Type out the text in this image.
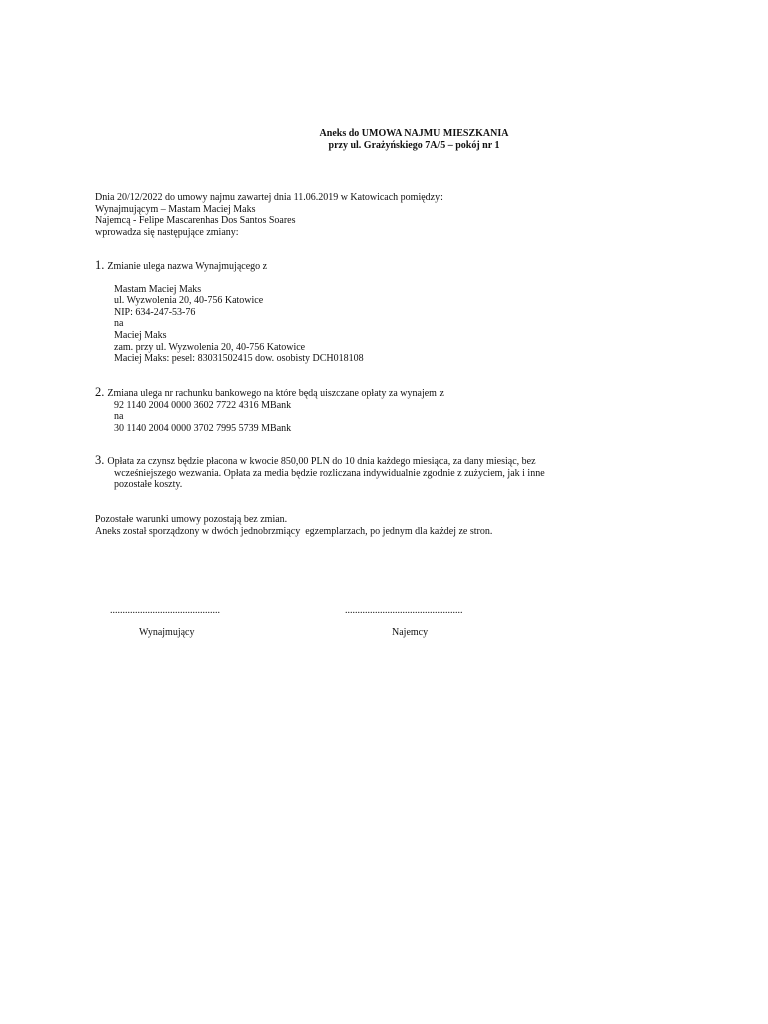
Aneks do UMOWA NAJMU MIESZKANIA
przy ul. Grażyńskiego 7A/5 – pokój nr 1
Dnia 20/12/2022 do umowy najmu zawartej dnia 11.06.2019 w Katowicach pomiędzy:
Wynajmującym – Mastam Maciej Maks
Najemcą - Felipe Mascarenhas Dos Santos Soares
wprowadza się następujące zmiany:
1. Zmianie ulega nazwa Wynajmującego z
Mastam Maciej Maks
ul. Wyzwolenia 20, 40-756 Katowice
NIP: 634-247-53-76
na
Maciej Maks
zam. przy ul. Wyzwolenia 20, 40-756 Katowice
Maciej Maks: pesel: 83031502415 dow. osobisty DCH018108
2. Zmiana ulega nr rachunku bankowego na które będą uiszczane opłaty za wynajem z
92 1140 2004 0000 3602 7722 4316 MBank
na
30 1140 2004 0000 3702 7995 5739 MBank
3. Opłata za czynsz będzie płacona w kwocie 850,00 PLN do 10 dnia każdego miesiąca, za dany miesiąc, bez
wcześniejszego wezwania. Opłata za media będzie rozliczana indywidualnie zgodnie z zużyciem, jak i inne
pozostałe koszty.
Pozostałe warunki umowy pozostają bez zmian.
Aneks został sporządzony w dwóch jednobrzmiący  egzemplarzach, po jednym dla każdej ze stron.
............................................	...............................................
Wynajmujący	Najemcy
